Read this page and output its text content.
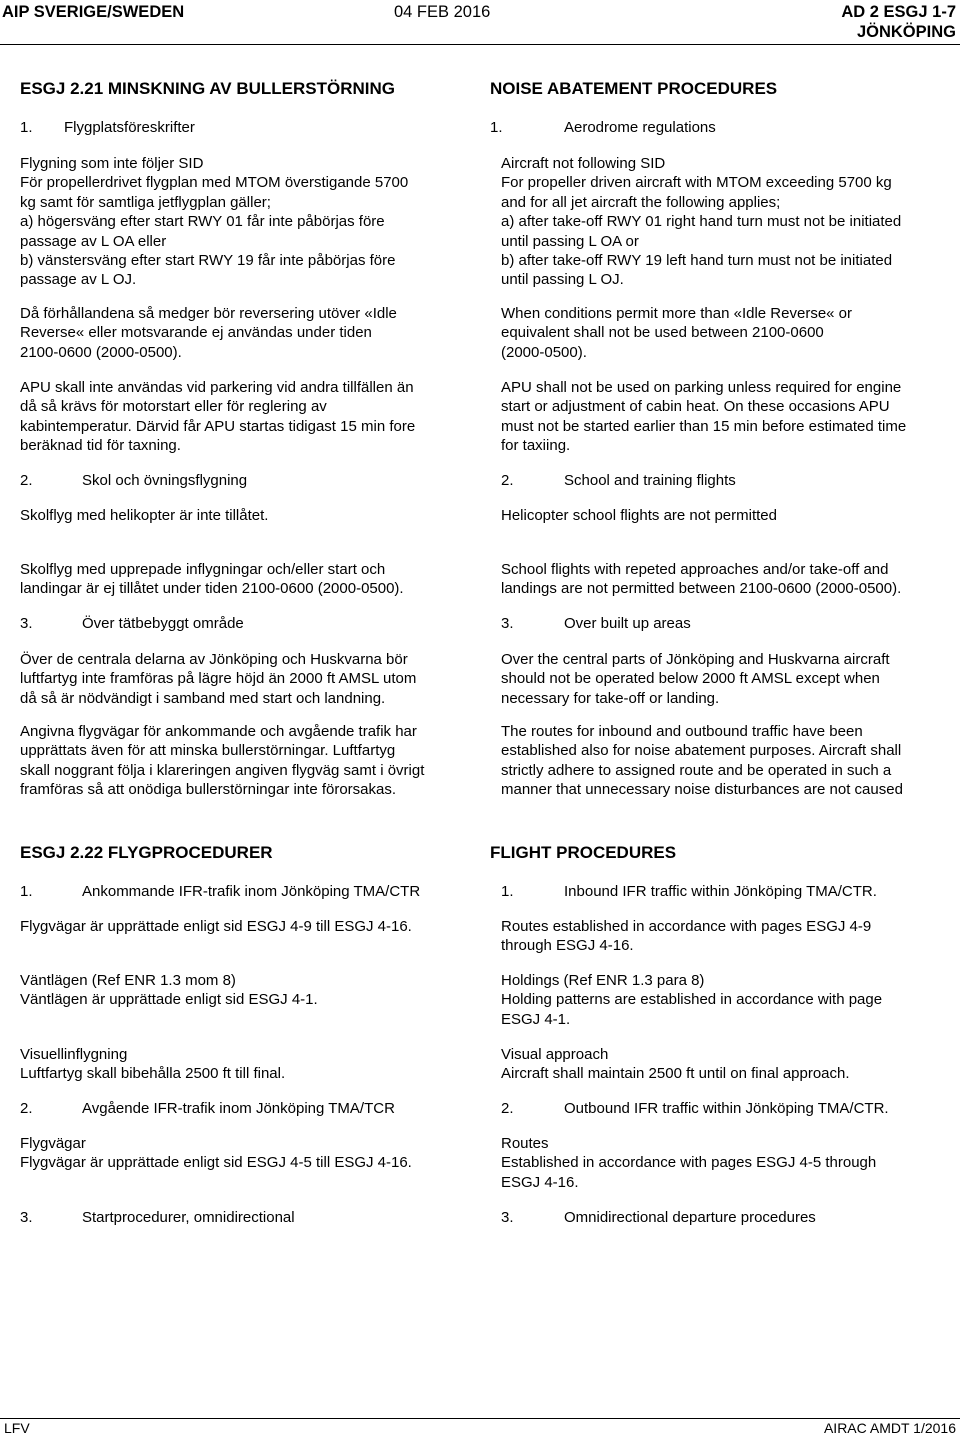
AIP SVERIGE/SWEDEN	04 FEB 2016	AD 2 ESGJ 1-7
JÖNKÖPING
ESGJ 2.21 MINSKNING AV BULLERSTÖRNING	NOISE ABATEMENT PROCEDURES
1. Flygplatsföreskrifter	1.	Aerodrome regulations
Flygning som inte följer SID
För propellerdrivet flygplan med MTOM överstigande 5700
kg samt för samtliga jetflygplan gäller;
a) högersväng efter start RWY 01 får inte påbörjas före
passage av L OA eller
b) vänstersväng efter start RWY 19 får inte påbörjas före
passage av L OJ.
Aircraft not following SID
For propeller driven aircraft with MTOM exceeding 5700 kg
and for all jet aircraft the following applies;
a) after take-off RWY 01 right hand turn must not be initiated
until passing L OA or
b) after take-off RWY 19 left hand turn must not be initiated
until passing L OJ.
Då förhållandena så medger bör reversering utöver «Idle
Reverse« eller motsvarande ej användas under tiden
2100-0600 (2000-0500).
When conditions permit more than «Idle Reverse« or
equivalent shall not be used between 2100-0600
(2000-0500).
APU skall inte användas vid parkering vid andra tillfällen än
då så krävs för motorstart eller för reglering av
kabintemperatur. Därvid får APU startas tidigast 15 min fore
beräknad tid för taxning.
APU shall not be used on parking unless required for engine
start or adjustment of cabin heat. On these occasions APU
must not be started earlier than 15 min before estimated time
for taxiing.
2.	Skol och övningsflygning	2.	School and training flights
Skolflyg med helikopter är inte tillåtet.	Helicopter school flights are not permitted
Skolflyg med upprepade inflygningar och/eller start och
landingar är ej tillåtet under tiden 2100-0600 (2000-0500).
School flights with repeted approaches and/or take-off and
landings are not permitted between 2100-0600 (2000-0500).
3.	Över tätbebyggt område	3.	Over built up areas
Över de centrala delarna av Jönköping och Huskvarna bör
luftfartyg inte framföras på lägre höjd än 2000 ft AMSL utom
då så är nödvändigt i samband med start och landning.
Over the central parts of Jönköping and Huskvarna aircraft
should not be operated below 2000 ft AMSL except when
necessary for take-off or landing.
Angivna flygvägar för ankommande och avgående trafik har
upprättats även för att minska bullerstörningar. Luftfartyg
skall noggrant följa i klareringen angiven flygväg samt i övrigt
framföras så att onödiga bullerstörningar inte förorsakas.
The routes for inbound and outbound traffic have been
established also for noise abatement purposes. Aircraft shall
strictly adhere to assigned route and be operated in such a
manner that unnecessary noise disturbances are not caused
ESGJ 2.22 FLYGPROCEDURER	FLIGHT PROCEDURES
1.	Ankommande IFR-trafik inom Jönköping TMA/CTR	1.	Inbound IFR traffic within Jönköping TMA/CTR.
Flygvägar är upprättade enligt sid ESGJ 4-9 till ESGJ 4-16.	Routes established in accordance with pages ESGJ 4-9
through ESGJ 4-16.
Väntlägen (Ref ENR 1.3 mom 8)
Väntlägen är upprättade enligt sid ESGJ 4-1.
Holdings (Ref ENR 1.3 para 8)
Holding patterns are established in accordance with page
ESGJ 4-1.
Visuellinflygning
Luftfartyg skall bibehålla 2500 ft till final.
Visual approach
Aircraft shall maintain 2500 ft until on final approach.
2.	Avgående IFR-trafik inom Jönköping TMA/TCR	2.	Outbound IFR traffic within Jönköping TMA/CTR.
Flygvägar
Flygvägar är upprättade enligt sid ESGJ 4-5 till ESGJ 4-16.
Routes
Established in accordance with pages ESGJ 4-5 through
ESGJ 4-16.
3.	Startprocedurer, omnidirectional	3.	Omnidirectional departure procedures
LFV	AIRAC AMDT 1/2016
